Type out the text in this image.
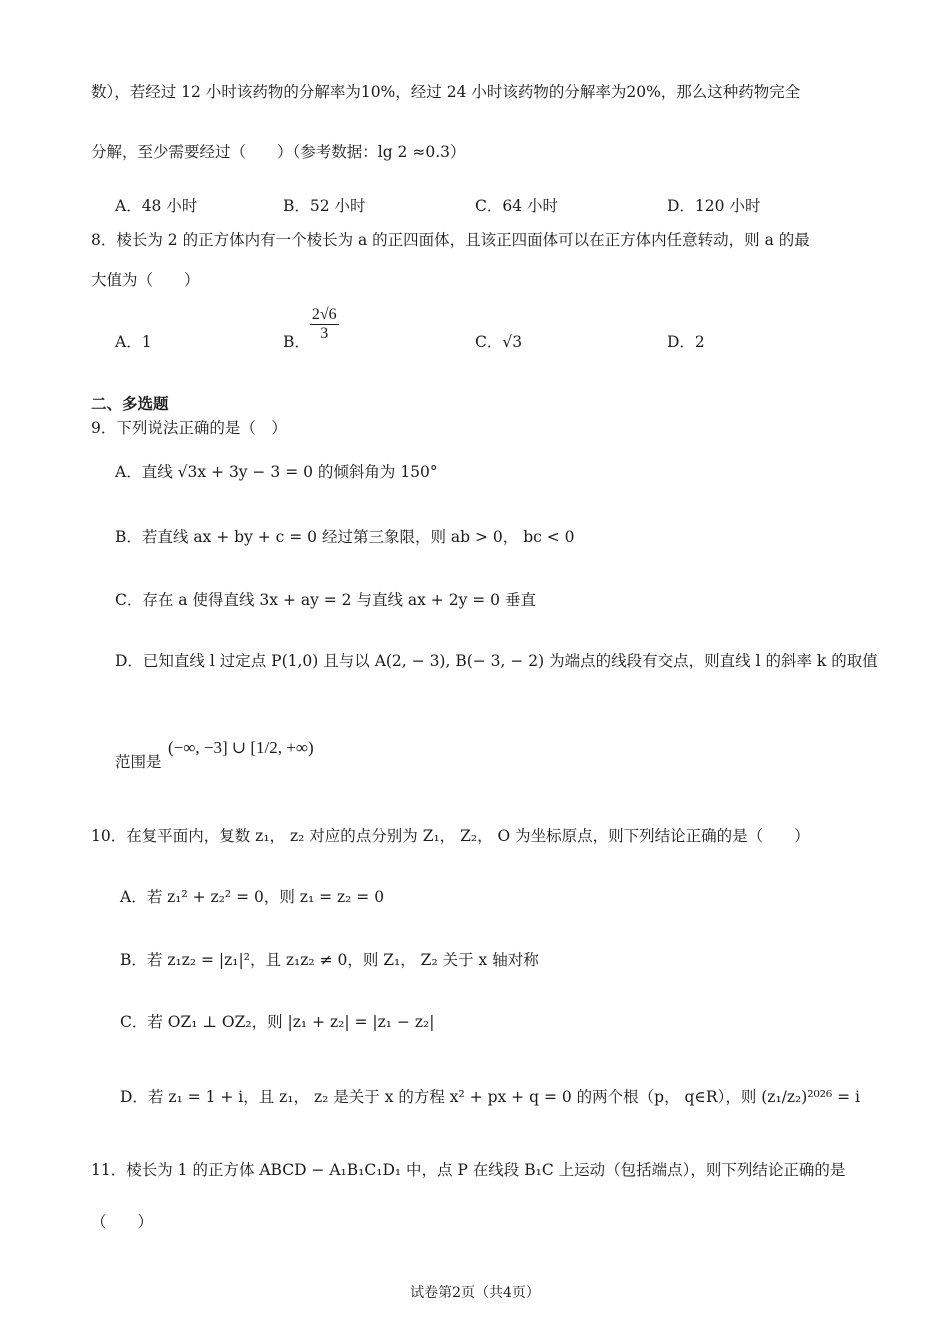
数），若经过 12 小时该药物的分解率为10%，经过 24 小时该药物的分解率为20%，那么这种药物完全
分解，至少需要经过（　　）（参考数据：lg 2 ≈0.3）
A．48 小时	B．52 小时	C．64 小时	D．120 小时
8．棱长为 2 的正方体内有一个棱长为 a 的正四面体，且该正四面体可以在正方体内任意转动，则 a 的最
大值为（　　）
A．1	B． $\frac{2√6}{3}$	C．√3	D．2
二、多选题
9．下列说法正确的是（　）
A．直线 √3x + 3y − 3 = 0 的倾斜角为 150°
B．若直线 ax + by + c = 0 经过第三象限，则 ab > 0， bc < 0
C．存在 a 使得直线 3x + ay = 2 与直线 ax + 2y = 0 垂直
D．已知直线 l 过定点 P(1,0) 且与以 A(2, − 3), B(− 3, − 2) 为端点的线段有交点，则直线 l 的斜率 k 的取值
范围是
(−∞, −3] ∪ [1/2, +∞)
10．在复平面内，复数 z₁， z₂ 对应的点分别为 Z₁， Z₂， O 为坐标原点，则下列结论正确的是（　　）
A．若 z₁² + z₂² = 0，则 z₁ = z₂ = 0
B．若 z₁z₂ = |z₁|²，且 z₁z₂ ≠ 0，则 Z₁， Z₂ 关于 x 轴对称
C．若 OZ₁ ⊥ OZ₂，则 |z₁ + z₂| = |z₁ − z₂|
D．若 z₁ = 1 + i，且 z₁， z₂ 是关于 x 的方程 x² + px + q = 0 的两个根（p， q∈R），则 (z₁/z₂)²⁰²⁶ = i
11．棱长为 1 的正方体 ABCD − A₁B₁C₁D₁ 中，点 P 在线段 B₁C 上运动（包括端点），则下列结论正确的是
（　　）
试卷第2页（共4页）
